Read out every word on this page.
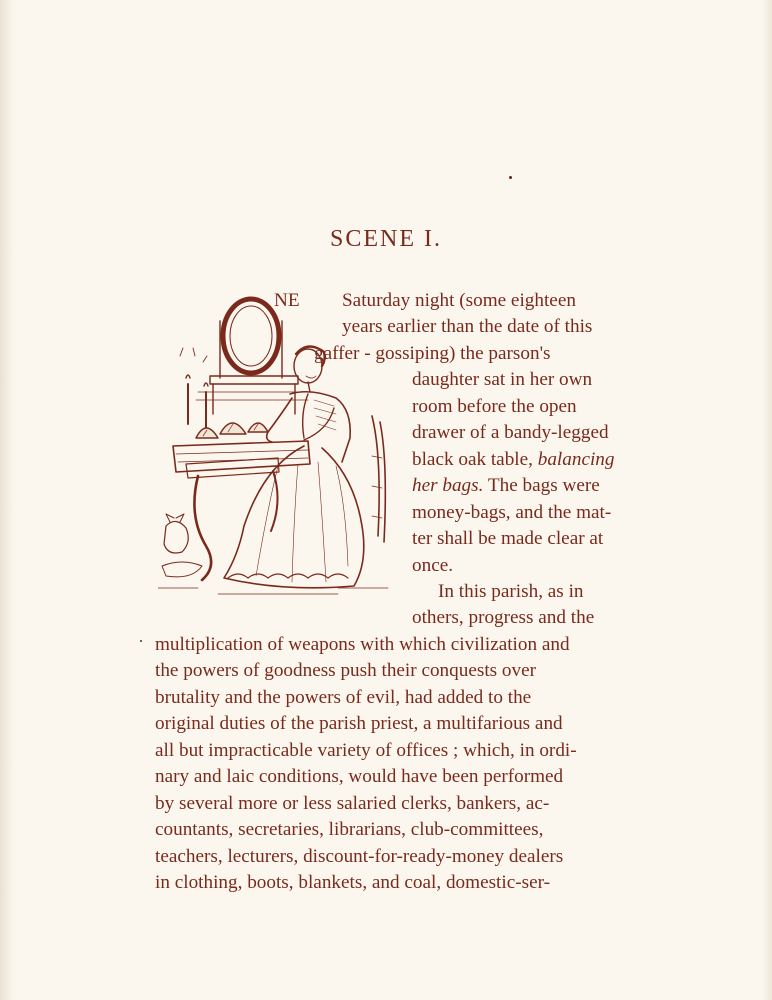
SCENE I.
NE Saturday night (some eighteen
years earlier than the date of this
gaffer - gossiping) the parson's
daughter sat in her own
room before the open
drawer of a bandy-legged
black oak table, balancing
her bags. The bags were
money-bags, and the mat-
ter shall be made clear at
once.
In this parish, as in
others, progress and the
multiplication of weapons with which civilization and
the powers of goodness push their conquests over
brutality and the powers of evil, had added to the
original duties of the parish priest, a multifarious and
all but impracticable variety of offices ; which, in ordi-
nary and laic conditions, would have been performed
by several more or less salaried clerks, bankers, ac-
countants, secretaries, librarians, club-committees,
teachers, lecturers, discount-for-ready-money dealers
in clothing, boots, blankets, and coal, domestic-ser-
